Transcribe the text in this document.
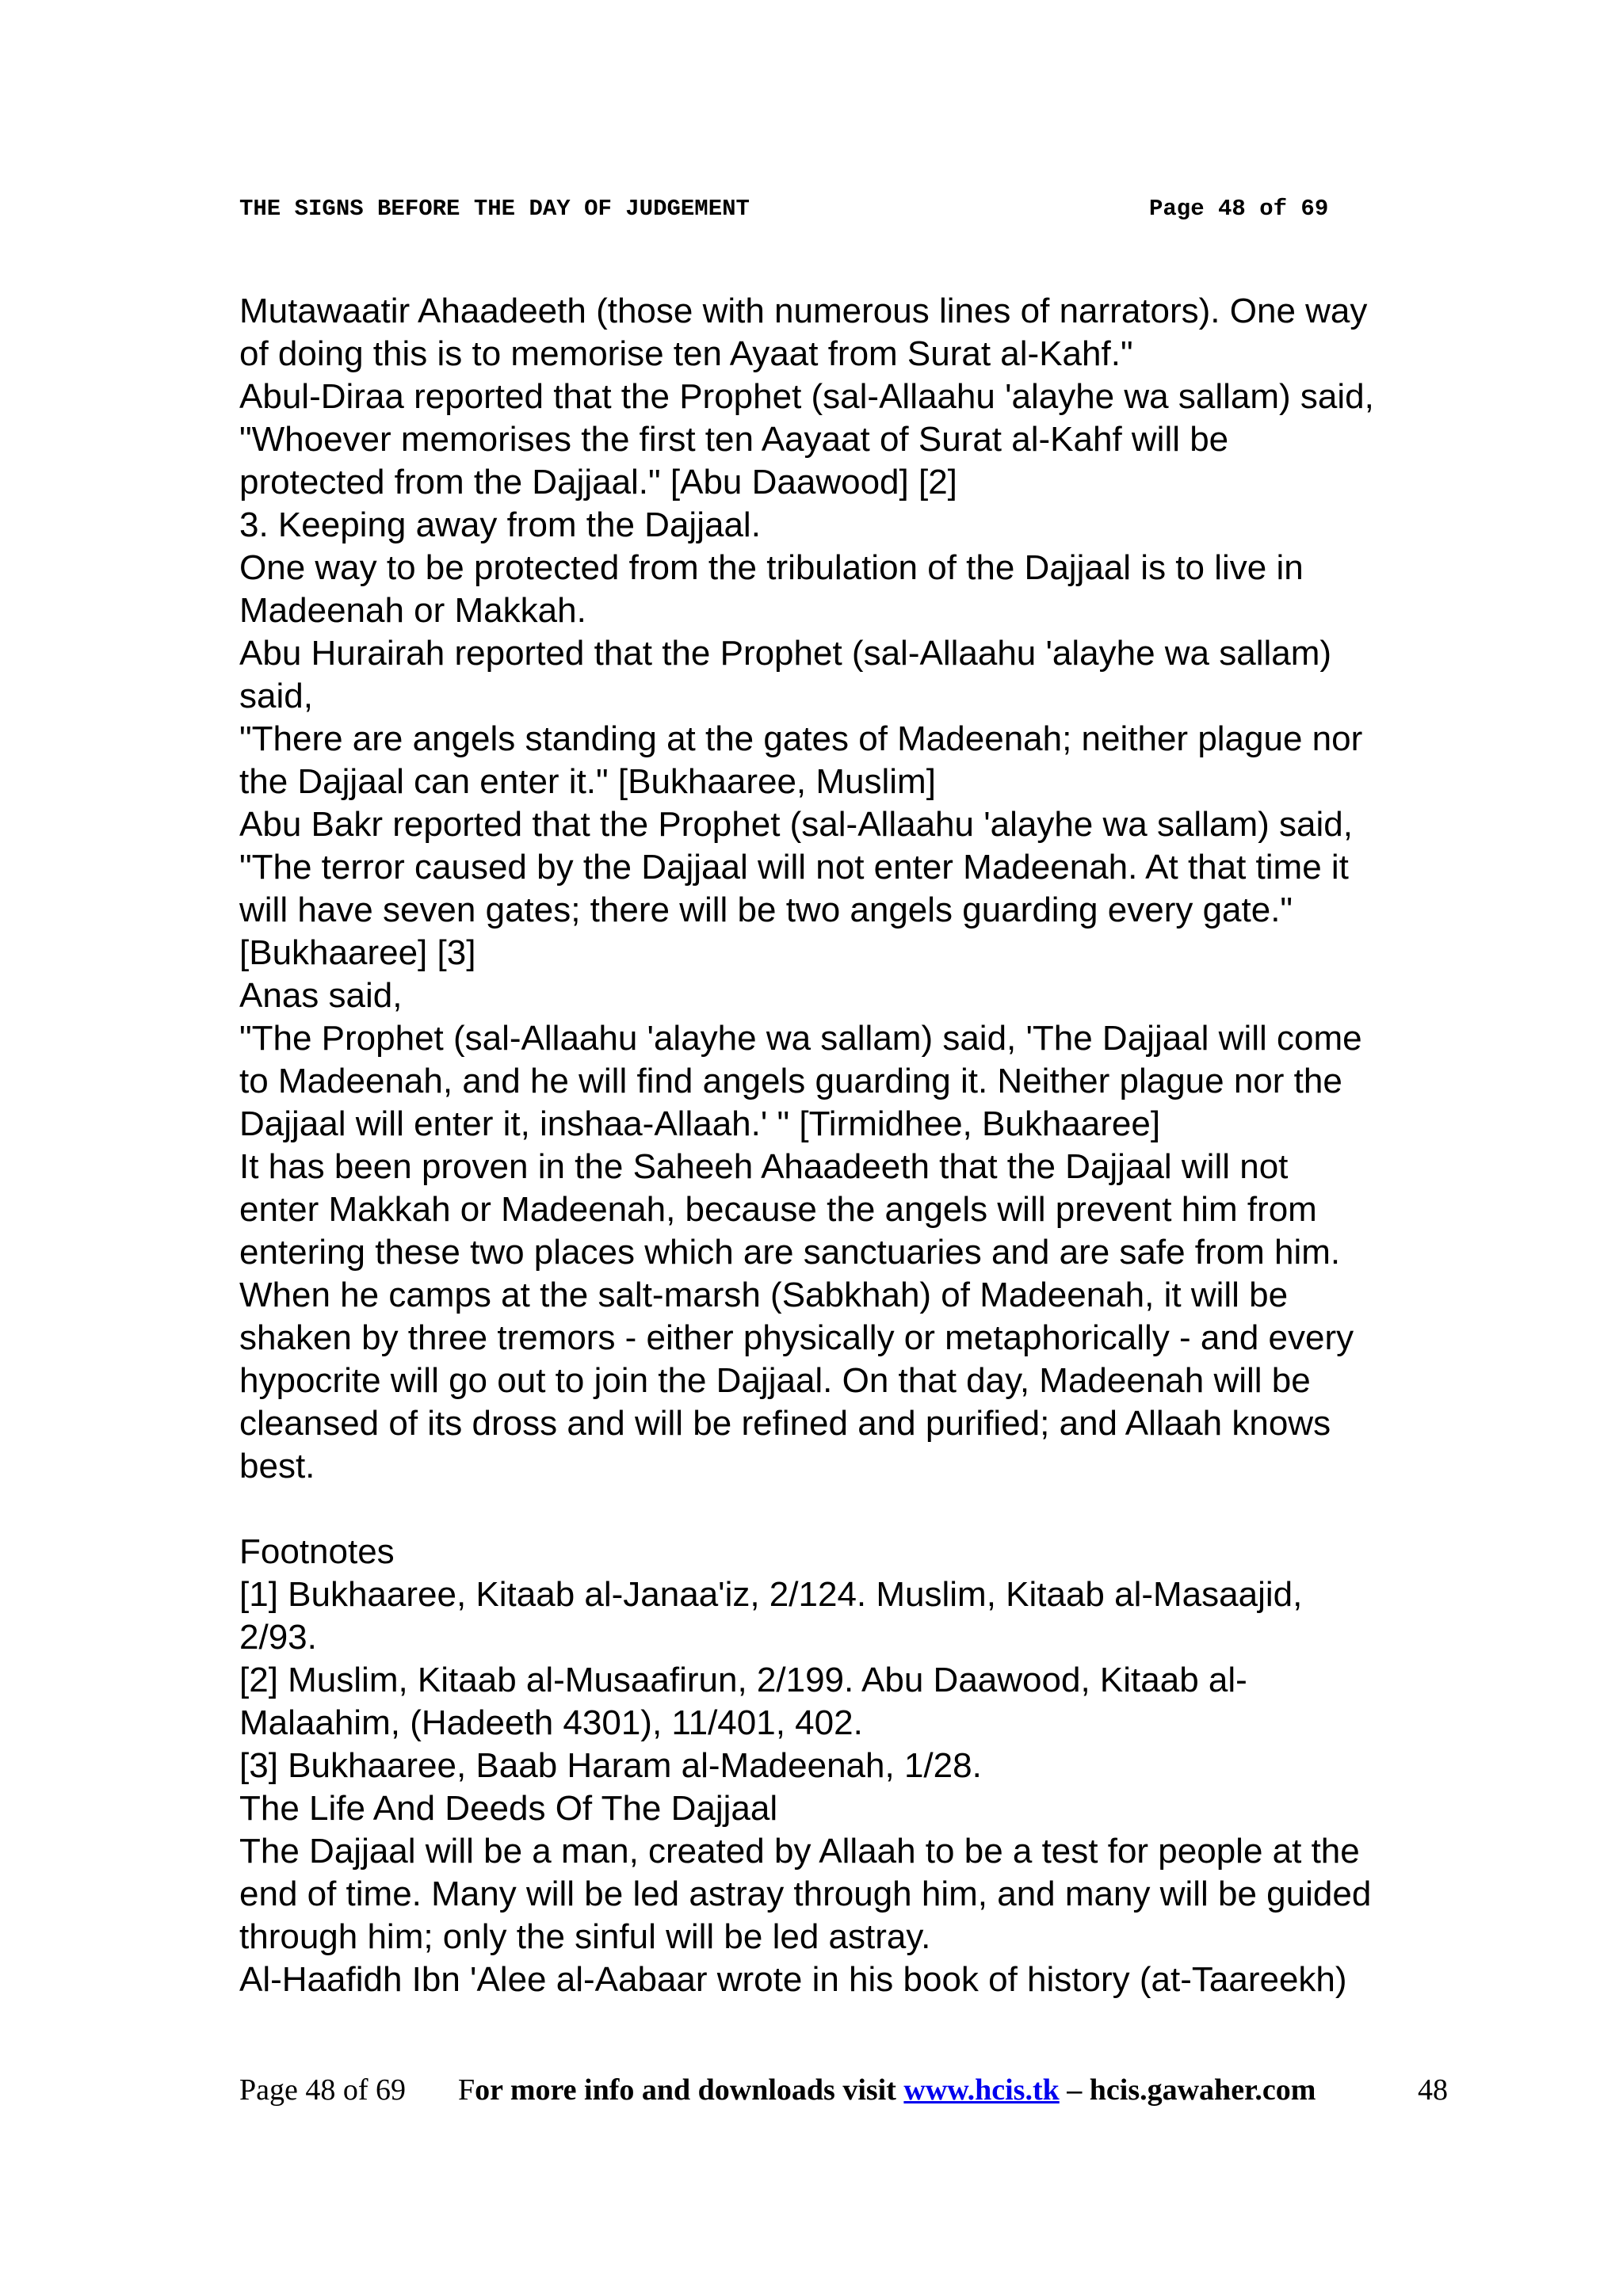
THE SIGNS BEFORE THE DAY OF JUDGEMENT	Page 48 of 69

Mutawaatir Ahaadeeth (those with numerous lines of narrators). One way

of doing this is to memorise ten Ayaat from Surat al-Kahf."

Abul-Diraa reported that the Prophet (sal-Allaahu 'alayhe wa sallam) said,

"Whoever memorises the first ten Aayaat of Surat al-Kahf will be

protected from the Dajjaal." [Abu Daawood] [2]

3. Keeping away from the Dajjaal.

One way to be protected from the tribulation of the Dajjaal is to live in

Madeenah or Makkah.

Abu Hurairah reported that the Prophet (sal-Allaahu 'alayhe wa sallam)

said,

"There are angels standing at the gates of Madeenah; neither plague nor

the Dajjaal can enter it." [Bukhaaree, Muslim]

Abu Bakr reported that the Prophet (sal-Allaahu 'alayhe wa sallam) said,

"The terror caused by the Dajjaal will not enter Madeenah. At that time it

will have seven gates; there will be two angels guarding every gate."

[Bukhaaree] [3]

Anas said,

"The Prophet (sal-Allaahu 'alayhe wa sallam) said, 'The Dajjaal will come

to Madeenah, and he will find angels guarding it. Neither plague nor the

Dajjaal will enter it, inshaa-Allaah.' " [Tirmidhee, Bukhaaree]

It has been proven in the Saheeh Ahaadeeth that the Dajjaal will not

enter Makkah or Madeenah, because the angels will prevent him from

entering these two places which are sanctuaries and are safe from him.

When he camps at the salt-marsh (Sabkhah) of Madeenah, it will be

shaken by three tremors - either physically or metaphorically - and every

hypocrite will go out to join the Dajjaal. On that day, Madeenah will be

cleansed of its dross and will be refined and purified; and Allaah knows

best.

Footnotes

[1] Bukhaaree, Kitaab al-Janaa'iz, 2/124. Muslim, Kitaab al-Masaajid,

2/93.

[2] Muslim, Kitaab al-Musaafirun, 2/199. Abu Daawood, Kitaab al-

Malaahim, (Hadeeth 4301), 11/401, 402.

[3] Bukhaaree, Baab Haram al-Madeenah, 1/28.

The Life And Deeds Of The Dajjaal

The Dajjaal will be a man, created by Allaah to be a test for people at the

end of time. Many will be led astray through him, and many will be guided

through him; only the sinful will be led astray.

Al-Haafidh Ibn 'Alee al-Aabaar wrote in his book of history (at-Taareekh)

Page 48 of 69 For more info and downloads visit www.hcis.tk – hcis.gawaher.com	48
